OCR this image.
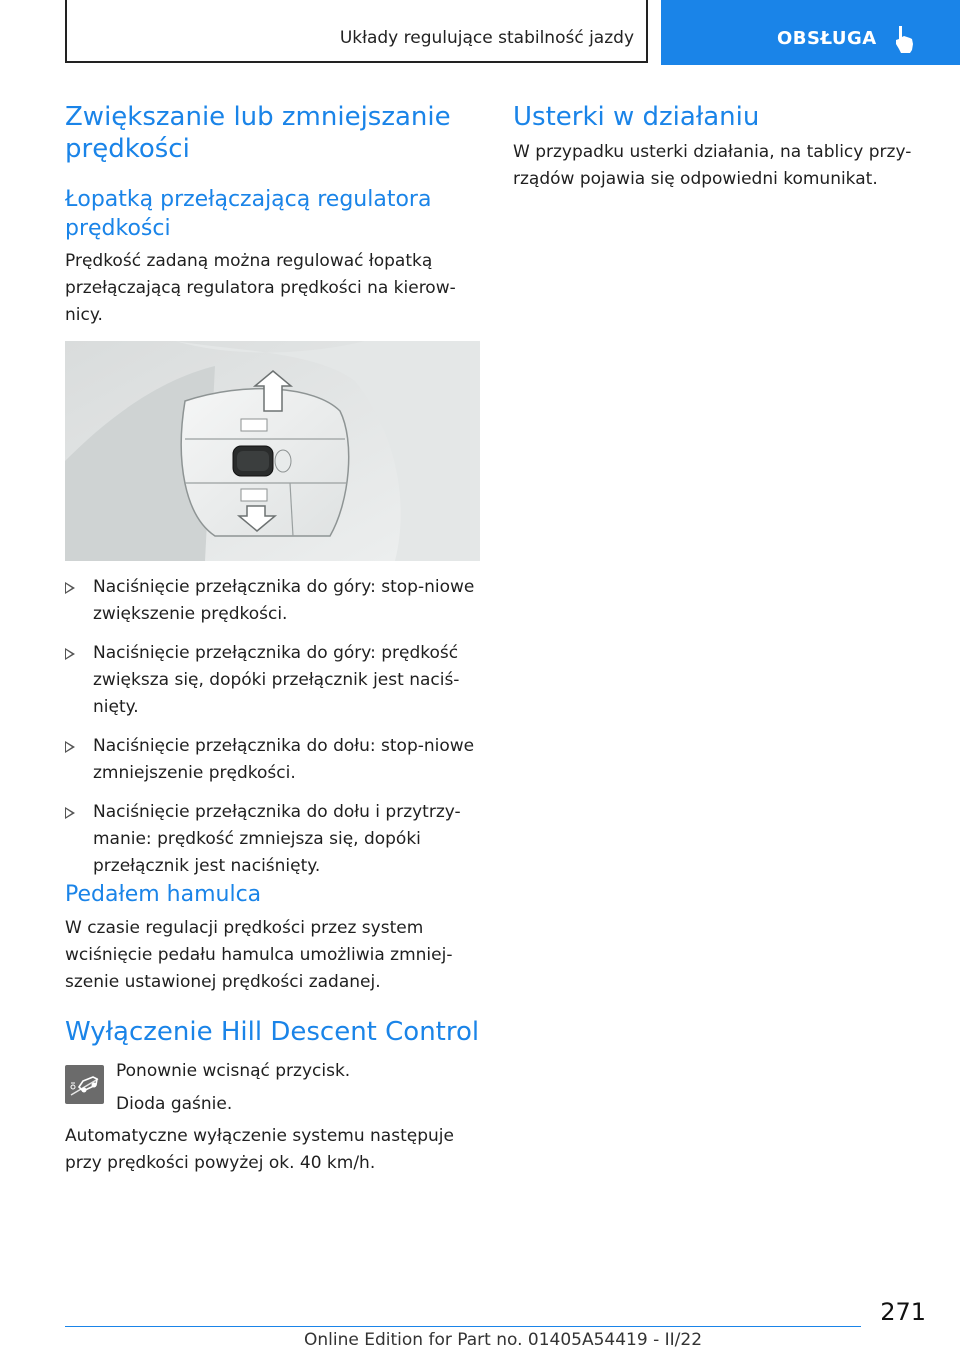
Układy regulujące stabilność jazdy	OBSŁUGA
Zwiększanie lub zmniejszanie prędkości
Łopatką przełączającą regulatora prędkości

Prędkość zadaną można regulować łopatką przełączającą regulatora prędkości na kierow-nicy.

Naciśnięcie przełącznika do góry: stop-niowe zwiększenie prędkości.
Naciśnięcie przełącznika do góry: prędkość zwiększa się, dopóki przełącznik jest naciś-nięty.
Naciśnięcie przełącznika do dołu: stop-niowe zmniejszenie prędkości.
Naciśnięcie przełącznika do dołu i przytrzy-manie: prędkość zmniejsza się, dopóki przełącznik jest naciśnięty.
Pedałem hamulca

W czasie regulacji prędkości przez system wciśnięcie pedału hamulca umożliwia zmniej-szenie ustawionej prędkości zadanej.

Wyłączenie Hill Descent Control

Ponownie wcisnąć przycisk.

Dioda gaśnie.

Automatyczne wyłączenie systemu następuje przy prędkości powyżej ok. 40 km/h.

Usterki w działaniu

W przypadku usterki działania, na tablicy przy-rządów pojawia się odpowiedni komunikat.

271
Online Edition for Part no. 01405A54419 - II/22
